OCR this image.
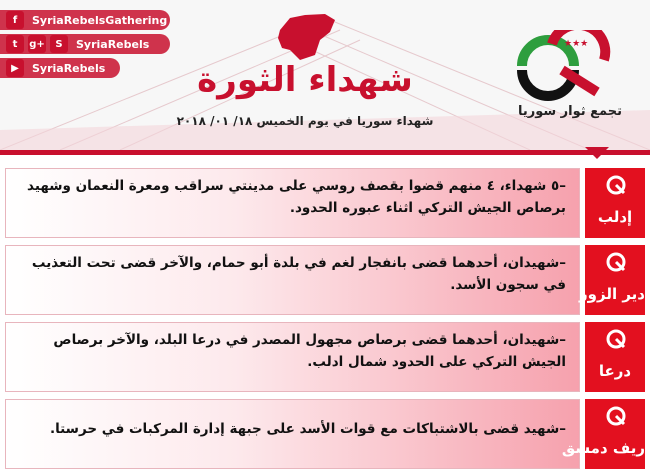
f	SyriaRebelsGathering
t	g+	S	SyriaRebels
▶	SyriaRebels	شهداء الثورة
شهداء سوريا في يوم الخميس ١٨/ ٠١/ ٢٠١٨
★★★
تجمع ثوار سوريا
–٥ شهداء، ٤ منهم قضوا بقصف روسي على مدينتي سراقب ومعرة النعمان وشهيد برصاص الجيش التركي اثناء عبوره الحدود.	إدلب
–شهيدان، أحدهما قضى بانفجار لغم في بلدة أبو حمام، والآخر قضى تحت التعذيب في سجون الأسد. دير الزور
–شهيدان، أحدهما قضى برصاص مجهول المصدر في درعا البلد، والآخر برصاص الجيش التركي على الحدود شمال ادلب.	درعا
–شهيد قضى بالاشتباكات مع قوات الأسد على جبهة إدارة المركبات في حرستا.
ريف دمشق
